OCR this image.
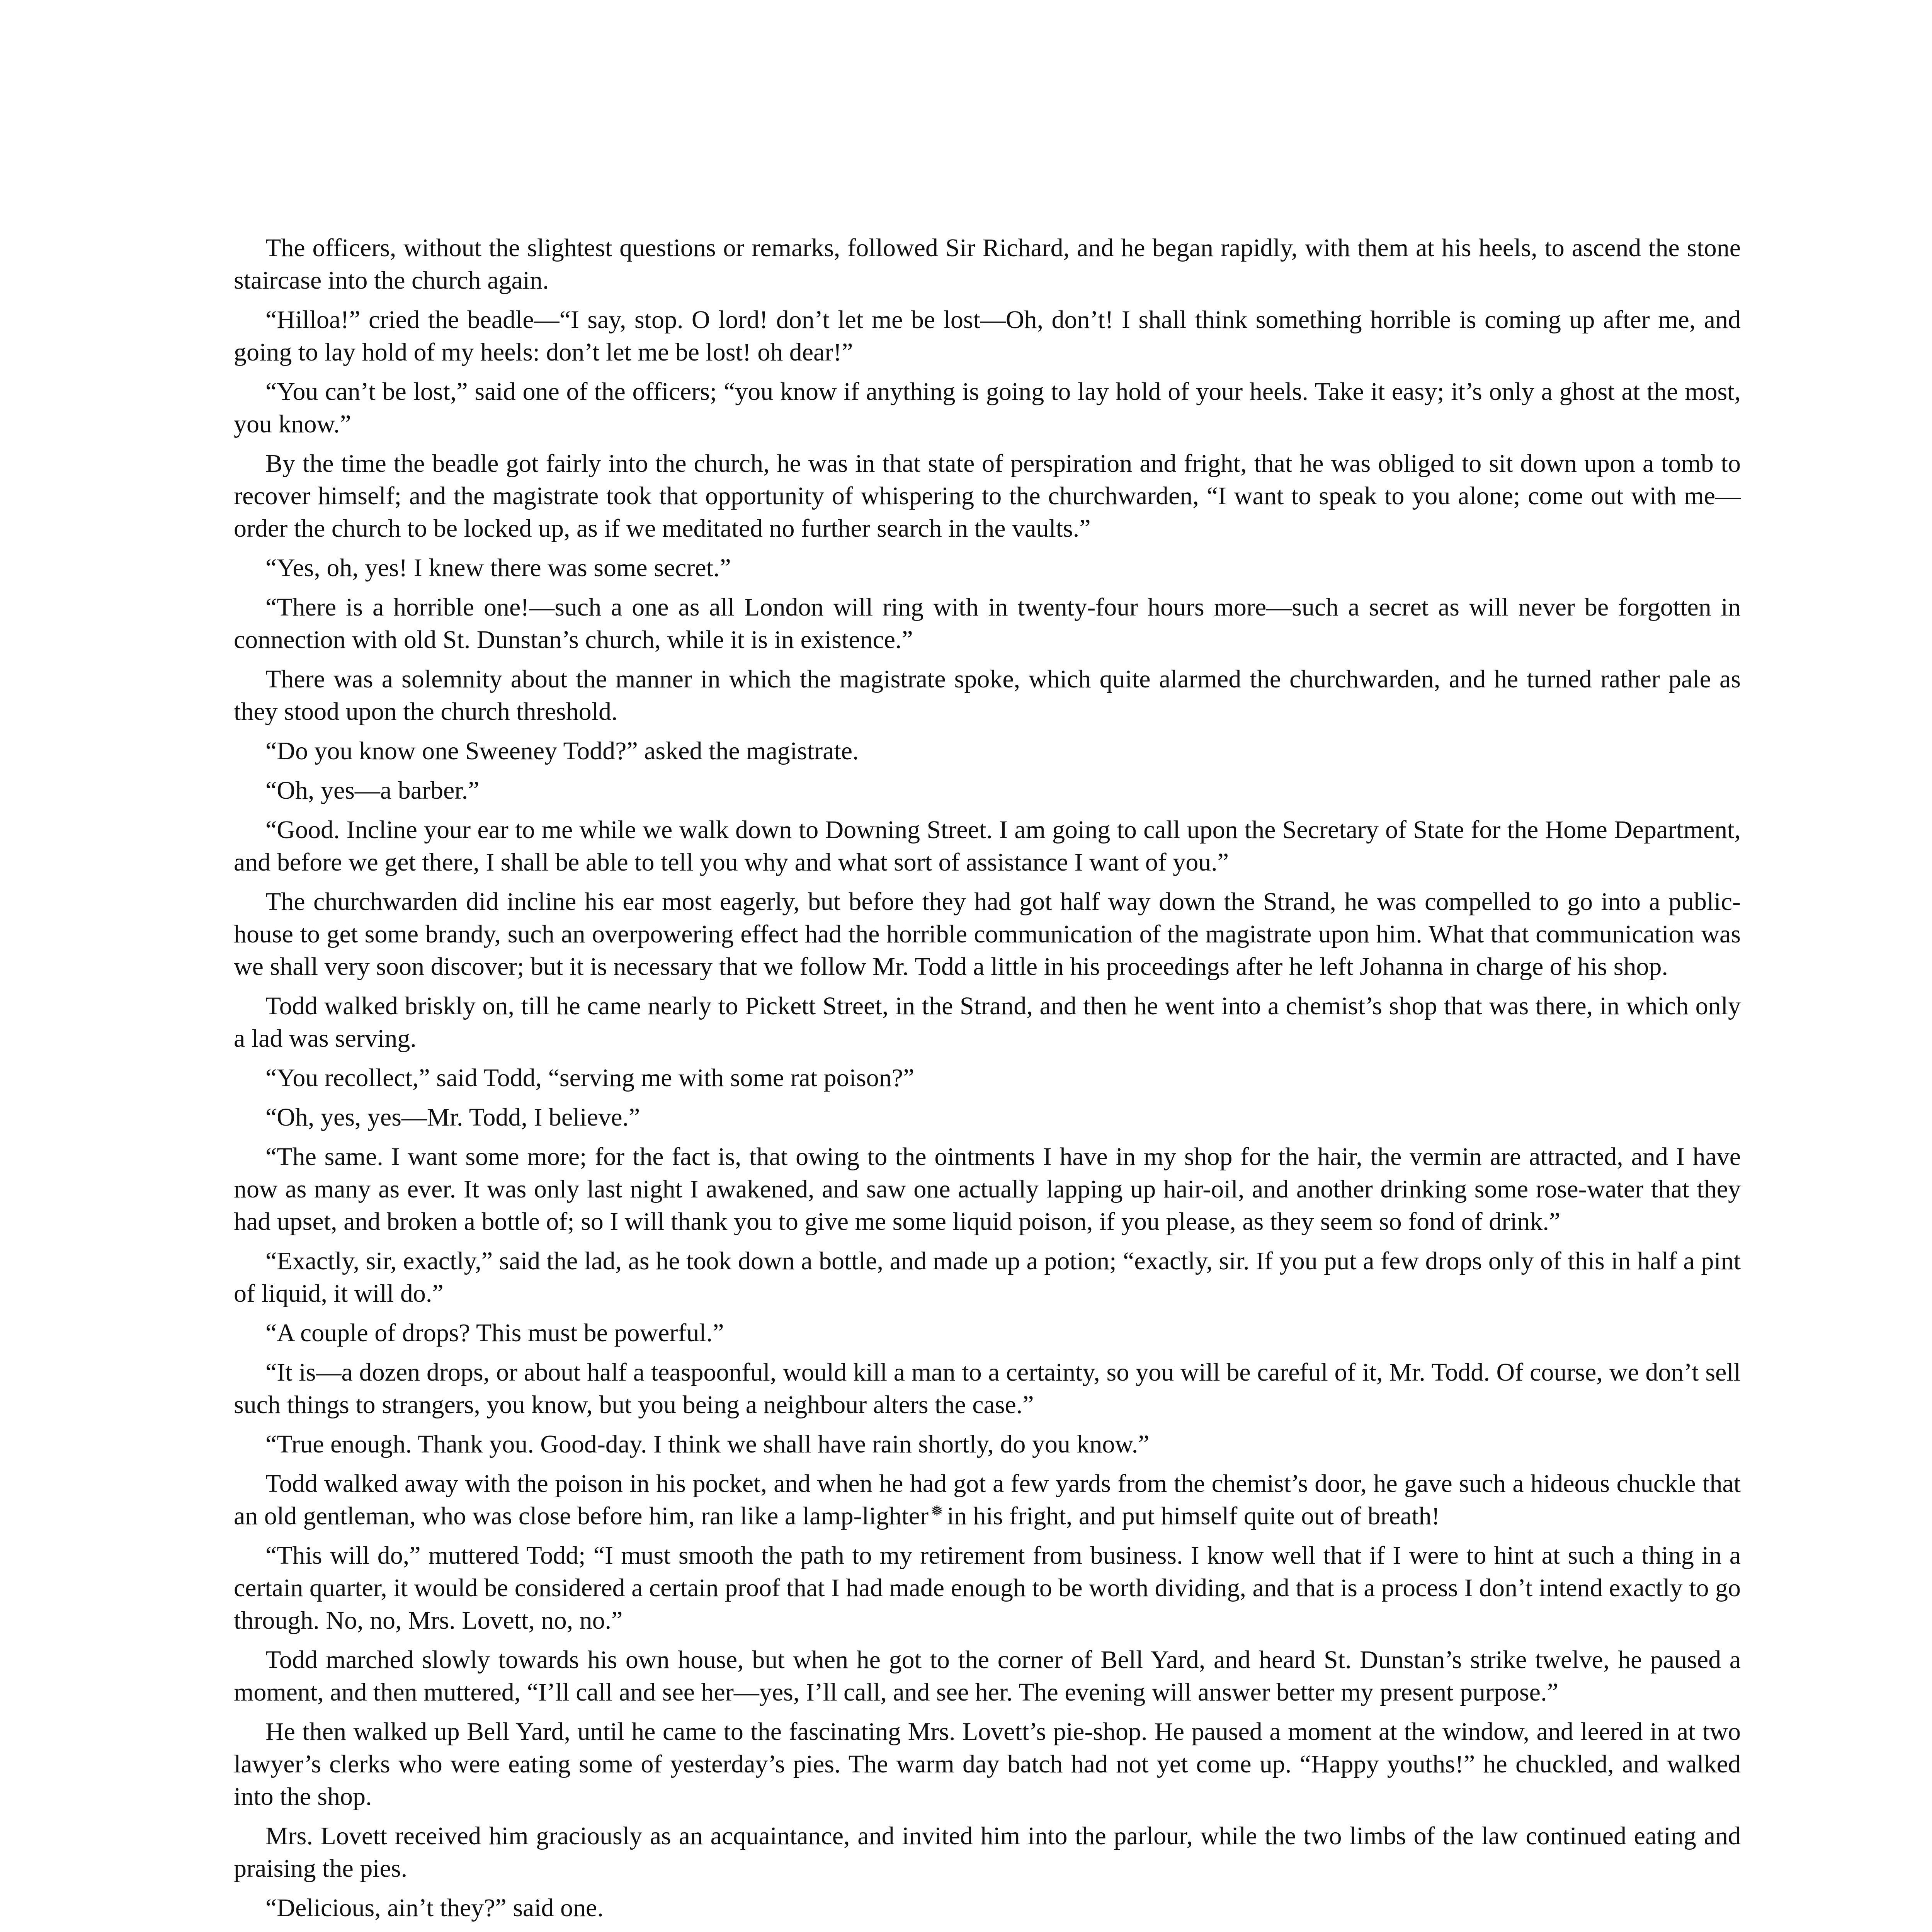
The officers, without the slightest questions or remarks, followed Sir Richard, and he began rapidly, with them at his heels, to ascend the stone staircase into the church again.

“Hilloa!” cried the beadle—“I say, stop. O lord! don’t let me be lost—Oh, don’t! I shall think something horrible is coming up after me, and going to lay hold of my heels: don’t let me be lost! oh dear!”

“You can’t be lost,” said one of the officers; “you know if anything is going to lay hold of your heels. Take it easy; it’s only a ghost at the most, you know.”

By the time the beadle got fairly into the church, he was in that state of perspiration and fright, that he was obliged to sit down upon a tomb to recover himself; and the magistrate took that opportunity of whispering to the churchwarden, “I want to speak to you alone; come out with me—order the church to be locked up, as if we meditated no further search in the vaults.”

“Yes, oh, yes! I knew there was some secret.”

“There is a horrible one!—such a one as all London will ring with in twenty-four hours more—such a secret as will never be forgotten in connection with old St. Dunstan’s church, while it is in existence.”

There was a solemnity about the manner in which the magistrate spoke, which quite alarmed the churchwarden, and he turned rather pale as they stood upon the church threshold.

“Do you know one Sweeney Todd?” asked the magistrate.

“Oh, yes—a barber.”

“Good. Incline your ear to me while we walk down to Downing Street. I am going to call upon the Secretary of State for the Home Department, and before we get there, I shall be able to tell you why and what sort of assistance I want of you.”

The churchwarden did incline his ear most eagerly, but before they had got half way down the Strand, he was compelled to go into a public-house to get some brandy, such an overpowering effect had the horrible communication of the magistrate upon him. What that communication was we shall very soon discover; but it is necessary that we follow Mr. Todd a little in his proceedings after he left Johanna in charge of his shop.

Todd walked briskly on, till he came nearly to Pickett Street, in the Strand, and then he went into a chemist’s shop that was there, in which only a lad was serving.

“You recollect,” said Todd, “serving me with some rat poison?”

“Oh, yes, yes—Mr. Todd, I believe.”

“The same. I want some more; for the fact is, that owing to the ointments I have in my shop for the hair, the vermin are attracted, and I have now as many as ever. It was only last night I awakened, and saw one actually lapping up hair-oil, and another drinking some rose-water that they had upset, and broken a bottle of; so I will thank you to give me some liquid poison, if you please, as they seem so fond of drink.”

“Exactly, sir, exactly,” said the lad, as he took down a bottle, and made up a potion; “exactly, sir. If you put a few drops only of this in half a pint of liquid, it will do.”

“A couple of drops? This must be powerful.”

“It is—a dozen drops, or about half a teaspoonful, would kill a man to a certainty, so you will be careful of it, Mr. Todd. Of course, we don’t sell such things to strangers, you know, but you being a neighbour alters the case.”

“True enough. Thank you. Good-day. I think we shall have rain shortly, do you know.”

Todd walked away with the poison in his pocket, and when he had got a few yards from the chemist’s door, he gave such a hideous chuckle that an old gentleman, who was close before him, ran like a lamp-lighter ❅ in his fright, and put himself quite out of breath!

“This will do,” muttered Todd; “I must smooth the path to my retirement from business. I know well that if I were to hint at such a thing in a certain quarter, it would be considered a certain proof that I had made enough to be worth dividing, and that is a process I don’t intend exactly to go through. No, no, Mrs. Lovett, no, no.”

Todd marched slowly towards his own house, but when he got to the corner of Bell Yard, and heard St. Dunstan’s strike twelve, he paused a moment, and then muttered, “I’ll call and see her—yes, I’ll call, and see her. The evening will answer better my present purpose.”

He then walked up Bell Yard, until he came to the fascinating Mrs. Lovett’s pie-shop. He paused a moment at the window, and leered in at two lawyer’s clerks who were eating some of yesterday’s pies. The warm day batch had not yet come up. “Happy youths!” he chuckled, and walked into the shop.

Mrs. Lovett received him graciously as an acquaintance, and invited him into the parlour, while the two limbs of the law continued eating and praising the pies.

“Delicious, ain’t they?” said one.
